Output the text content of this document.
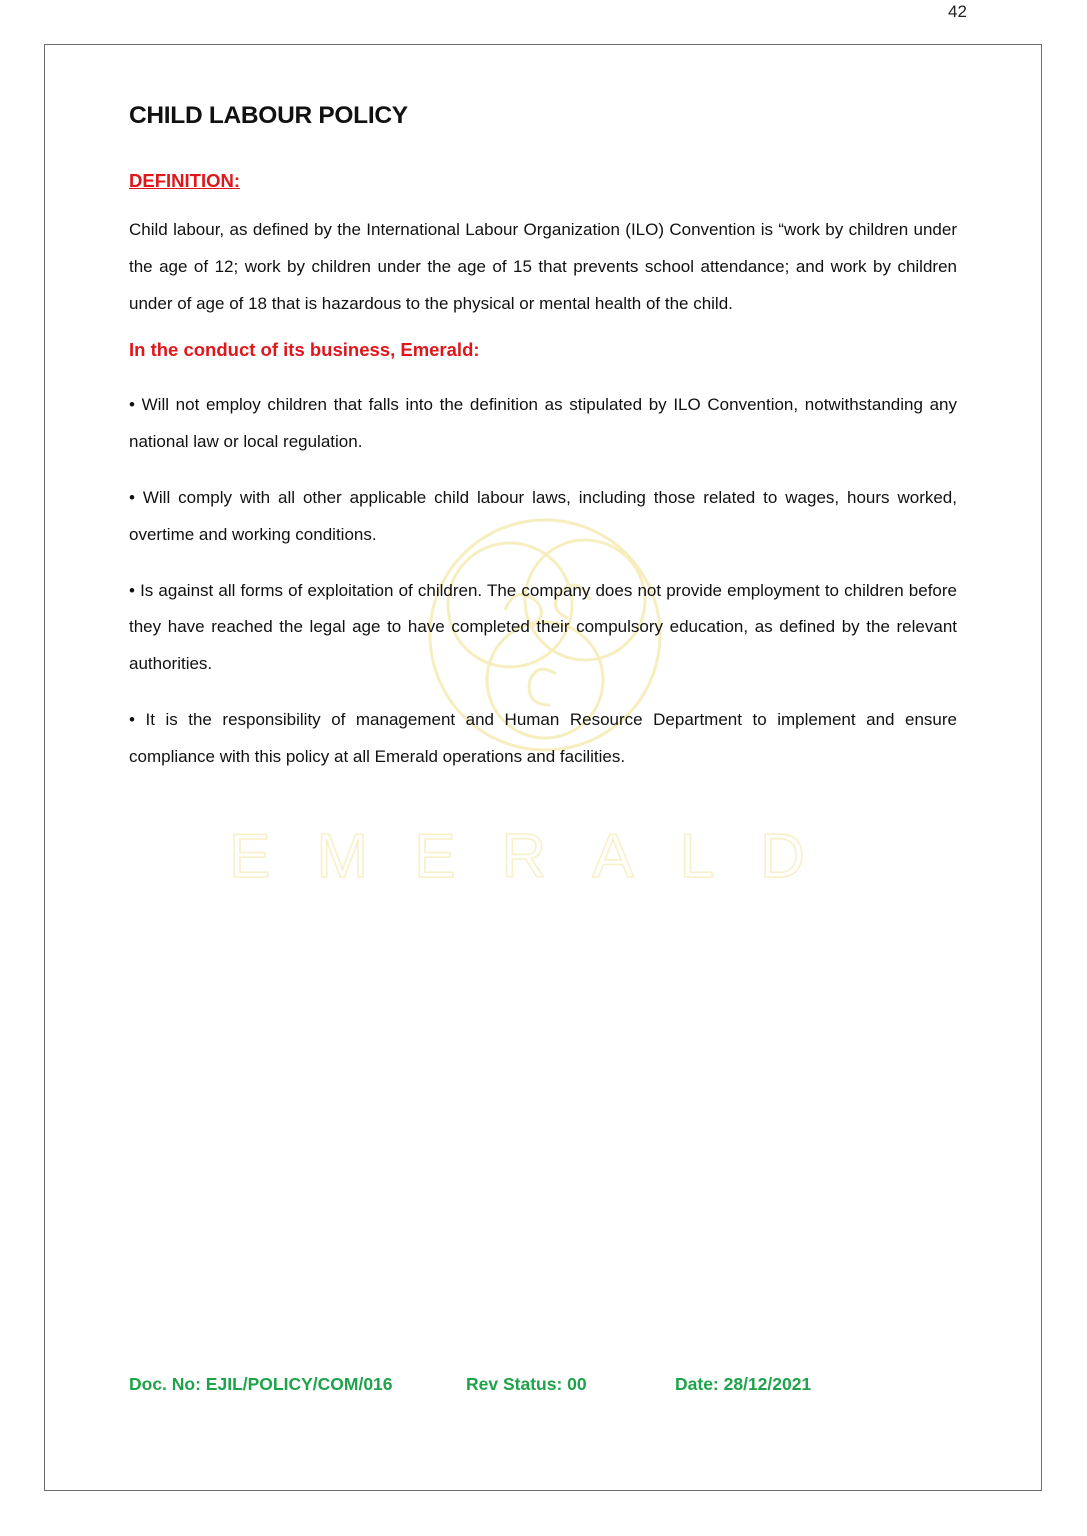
42
EMERALD
CHILD LABOUR POLICY
DEFINITION:

Child labour, as defined by the International Labour Organization (ILO) Convention is “work by children under the age of 12; work by children under the age of 15 that prevents school attendance; and work by children under of age of 18 that is hazardous to the physical or mental health of the child.

In the conduct of its business, Emerald:

• Will not employ children that falls into the definition as stipulated by ILO Convention, notwithstanding any national law or local regulation.

• Will comply with all other applicable child labour laws, including those related to wages, hours worked, overtime and working conditions.

• Is against all forms of exploitation of children. The company does not provide employment to children before they have reached the legal age to have completed their compulsory education, as defined by the relevant authorities.

• It is the responsibility of management and Human Resource Department to implement and ensure compliance with this policy at all Emerald operations and facilities.

Doc. No: EJIL/POLICY/COM/016	Rev Status: 00	Date: 28/12/2021
